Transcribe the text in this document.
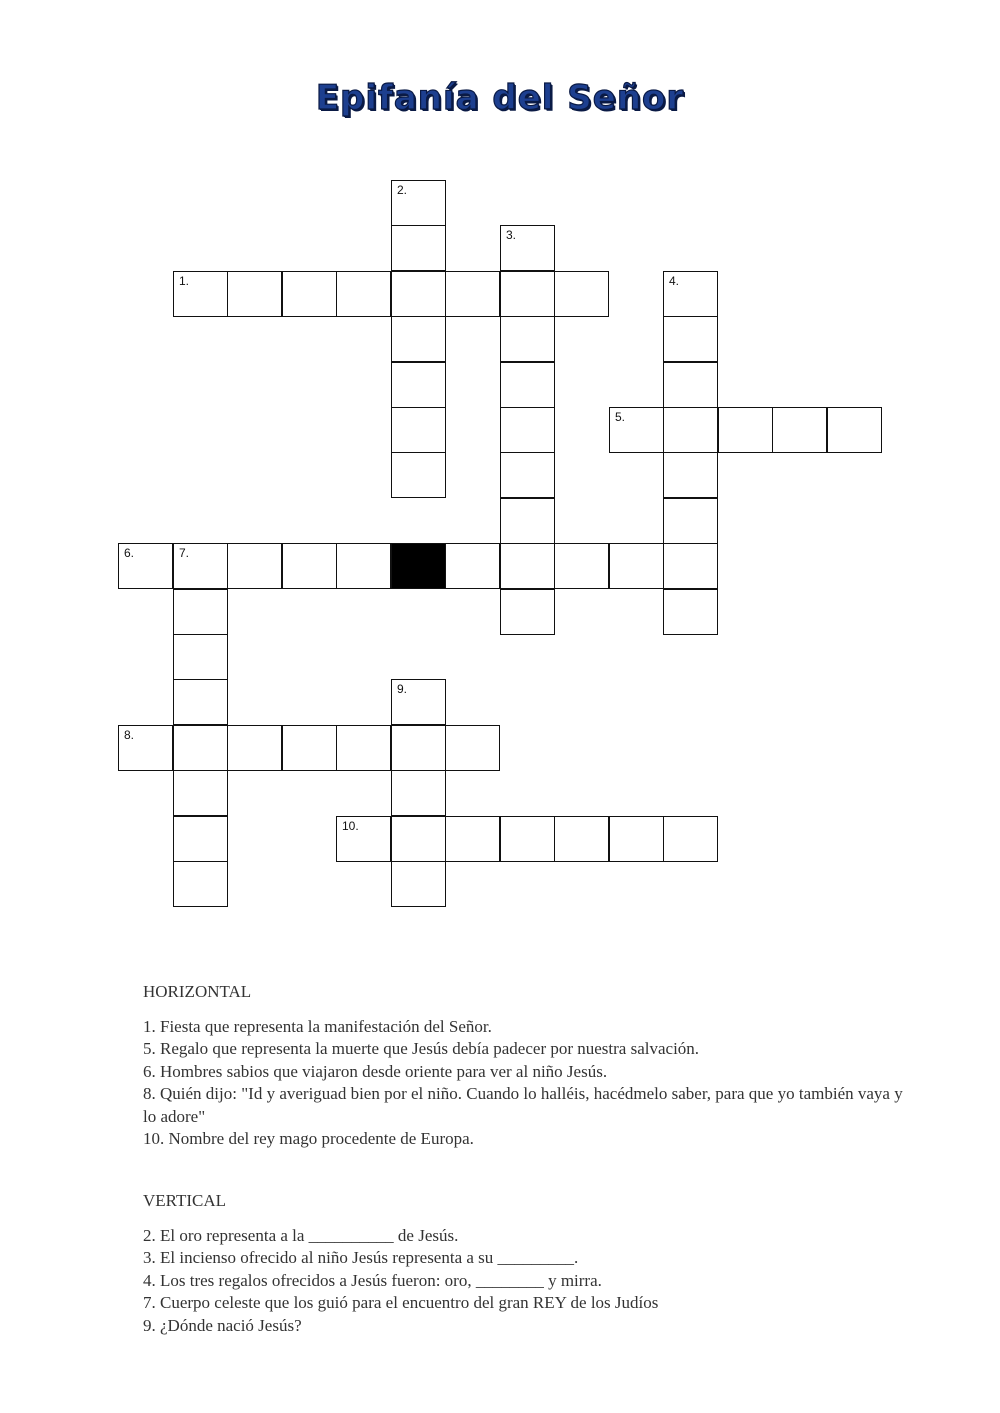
Epifanía del Señor
2.
3.
1.	4.
5.
6.	7.
9.
8.
10.
HORIZONTAL

1. Fiesta que representa la manifestación del Señor.

5. Regalo que representa la muerte que Jesús debía padecer por nuestra salvación.

6. Hombres sabios que viajaron desde oriente para ver al niño Jesús.

8. Quién dijo: "Id y averiguad bien por el niño. Cuando lo halléis, hacédmelo saber, para que yo también vaya y lo adore"

10. Nombre del rey mago procedente de Europa.

VERTICAL

2. El oro representa a la __________ de Jesús.

3. El incienso ofrecido al niño Jesús representa a su _________.

4. Los tres regalos ofrecidos a Jesús fueron: oro, ________ y mirra.

7. Cuerpo celeste que los guió para el encuentro del gran REY de los Judíos

9. ¿Dónde nació Jesús?
